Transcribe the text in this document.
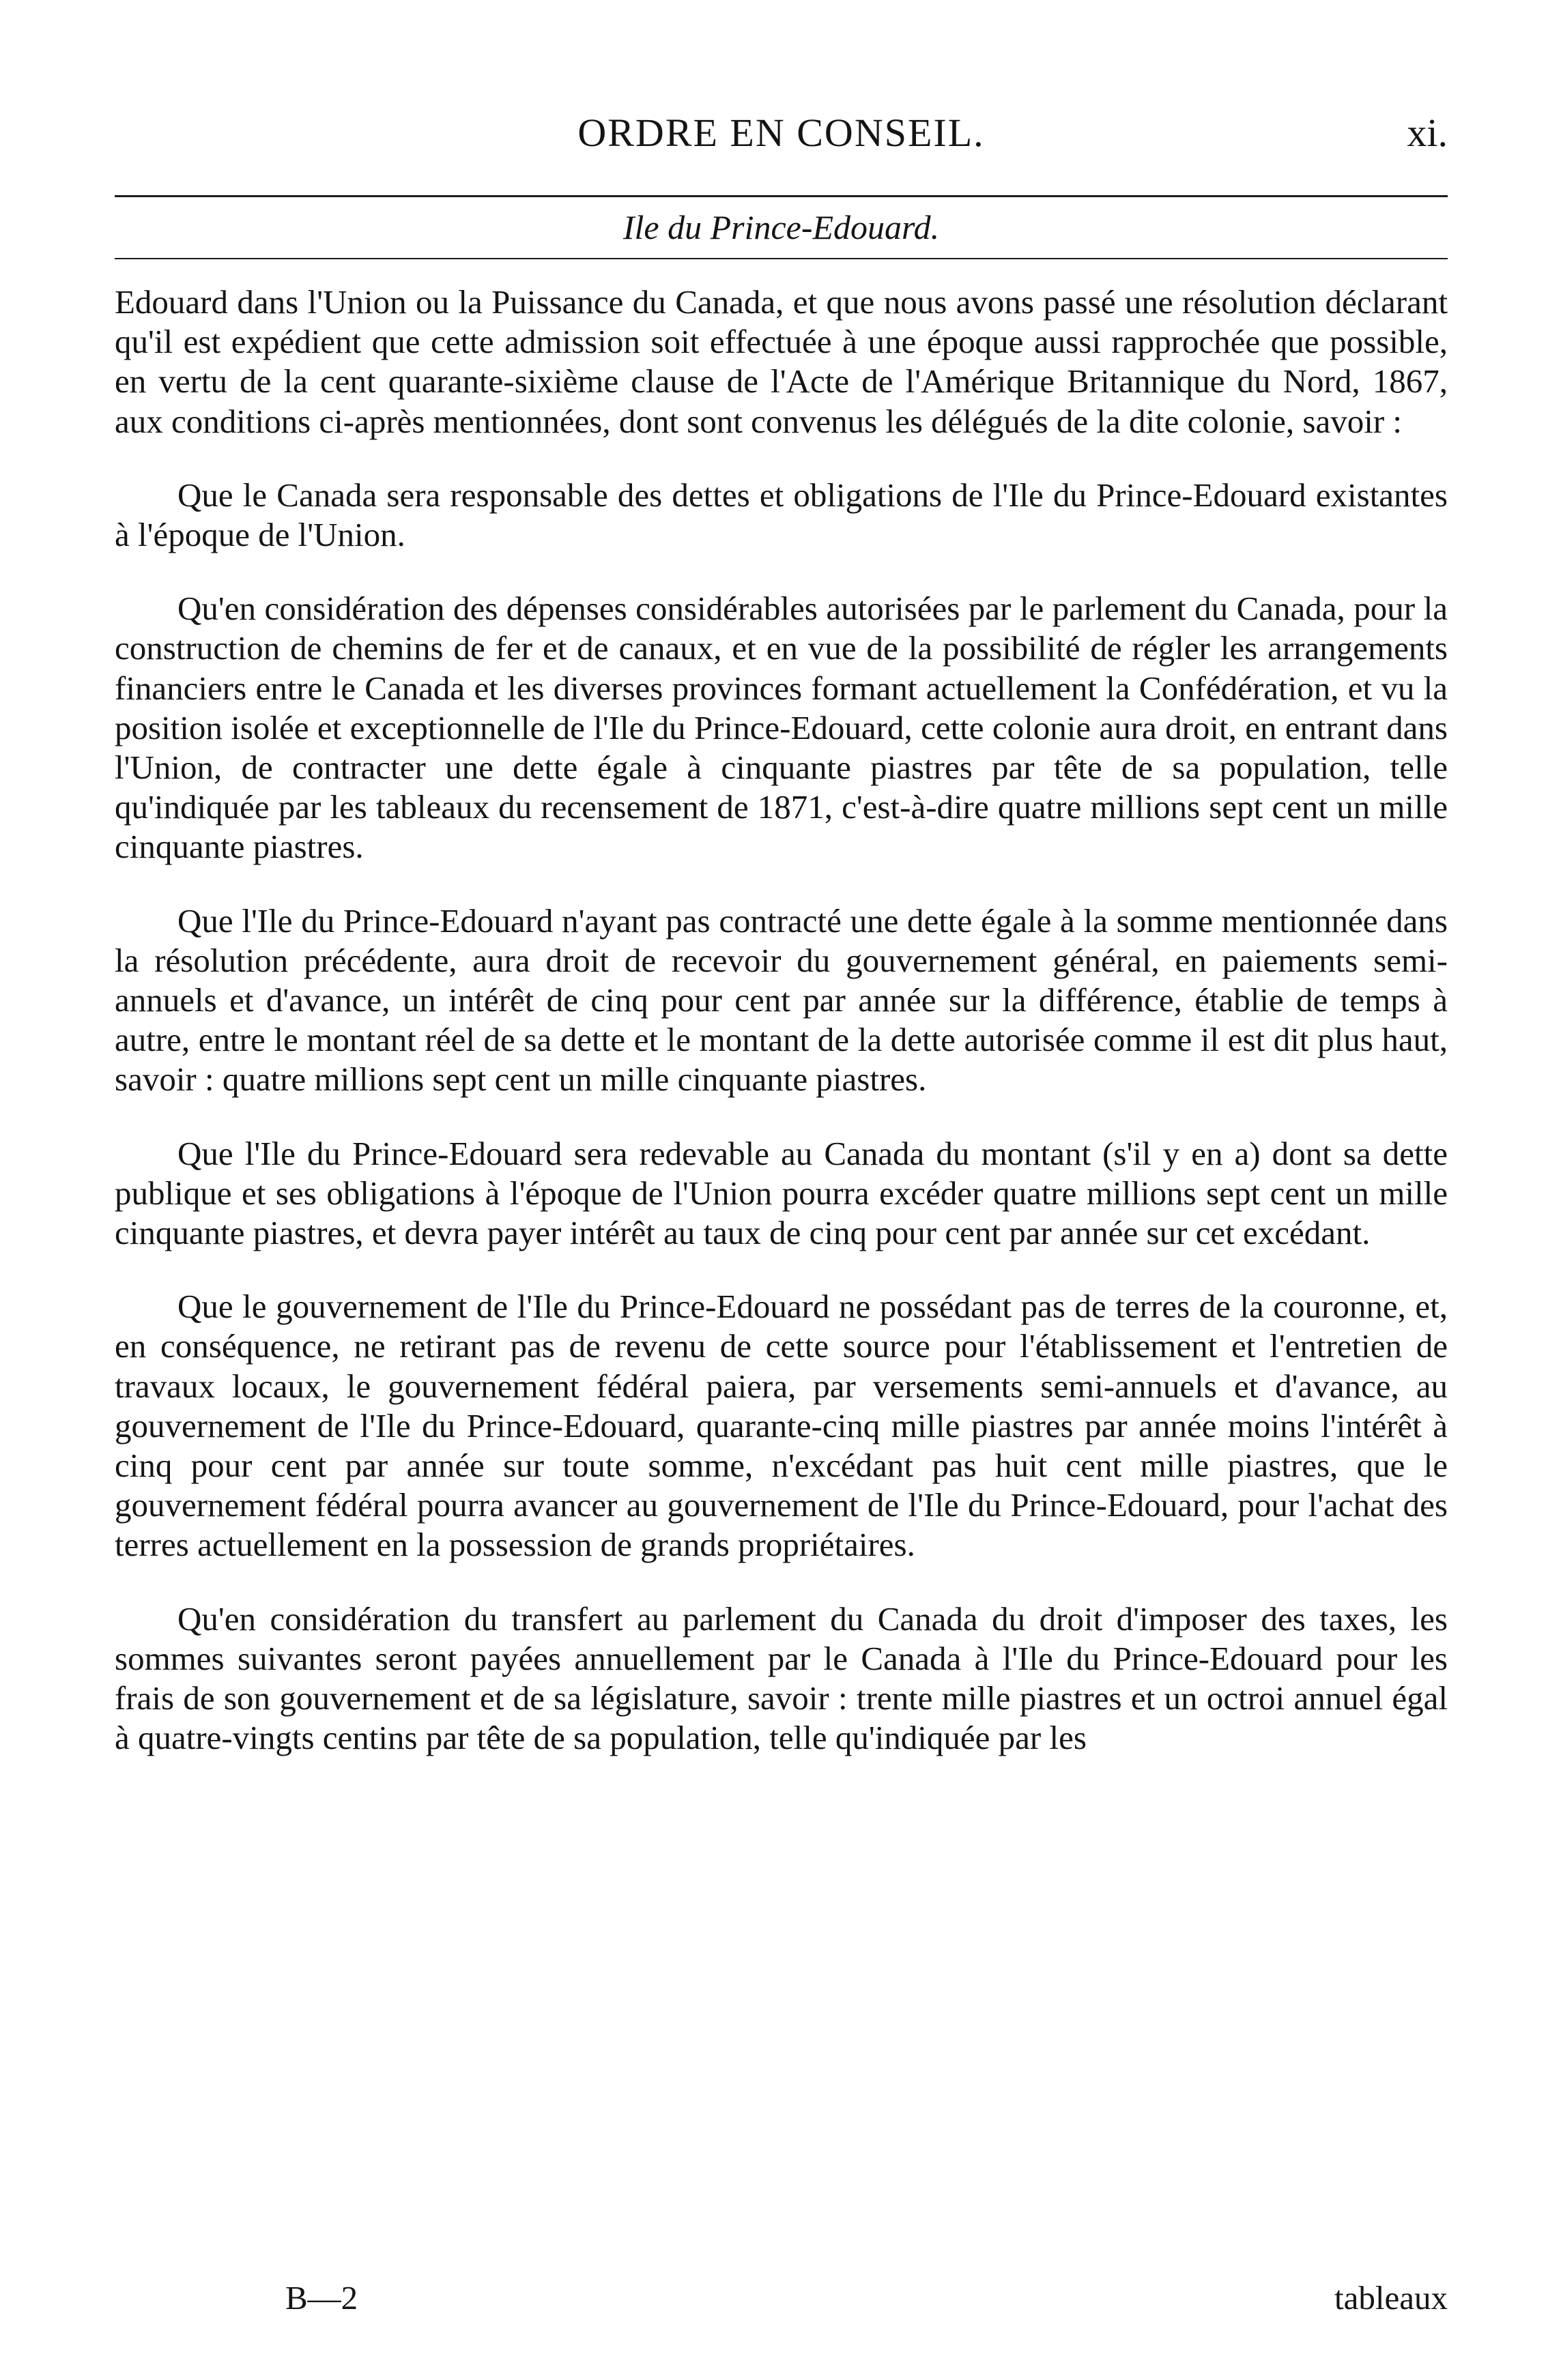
ORDRE EN CONSEIL.	xi.
Ile du Prince-Edouard.

Edouard dans l'Union ou la Puissance du Canada, et que nous avons passé une résolution déclarant qu'il est expédient que cette admission soit effectuée à une époque aussi rapprochée que possible, en vertu de la cent quarante-sixième clause de l'Acte de l'Amérique Britannique du Nord, 1867, aux conditions ci-après mentionnées, dont sont convenus les délégués de la dite colonie, savoir :

Que le Canada sera responsable des dettes et obligations de l'Ile du Prince-Edouard existantes à l'époque de l'Union.

Qu'en considération des dépenses considérables autorisées par le parlement du Canada, pour la construction de chemins de fer et de canaux, et en vue de la possibilité de régler les arrangements financiers entre le Canada et les diverses provinces formant actuellement la Confédération, et vu la position isolée et exceptionnelle de l'Ile du Prince-Edouard, cette colonie aura droit, en entrant dans l'Union, de contracter une dette égale à cinquante piastres par tête de sa population, telle qu'indiquée par les tableaux du recensement de 1871, c'est-à-dire quatre millions sept cent un mille cinquante piastres.

Que l'Ile du Prince-Edouard n'ayant pas contracté une dette égale à la somme mentionnée dans la résolution précédente, aura droit de recevoir du gouvernement général, en paiements semi-annuels et d'avance, un intérêt de cinq pour cent par année sur la différence, établie de temps à autre, entre le montant réel de sa dette et le montant de la dette autorisée comme il est dit plus haut, savoir : quatre millions sept cent un mille cinquante piastres.

Que l'Ile du Prince-Edouard sera redevable au Canada du montant (s'il y en a) dont sa dette publique et ses obligations à l'époque de l'Union pourra excéder quatre millions sept cent un mille cinquante piastres, et devra payer intérêt au taux de cinq pour cent par année sur cet excédant.

Que le gouvernement de l'Ile du Prince-Edouard ne possédant pas de terres de la couronne, et, en conséquence, ne retirant pas de revenu de cette source pour l'établissement et l'entretien de travaux locaux, le gouvernement fédéral paiera, par versements semi-annuels et d'avance, au gouvernement de l'Ile du Prince-Edouard, quarante-cinq mille piastres par année moins l'intérêt à cinq pour cent par année sur toute somme, n'excédant pas huit cent mille piastres, que le gouvernement fédéral pourra avancer au gouvernement de l'Ile du Prince-Edouard, pour l'achat des terres actuellement en la possession de grands propriétaires.

Qu'en considération du transfert au parlement du Canada du droit d'imposer des taxes, les sommes suivantes seront payées annuellement par le Canada à l'Ile du Prince-Edouard pour les frais de son gouvernement et de sa législature, savoir : trente mille piastres et un octroi annuel égal à quatre-vingts centins par tête de sa population, telle qu'indiquée par les

B—2	tableaux
